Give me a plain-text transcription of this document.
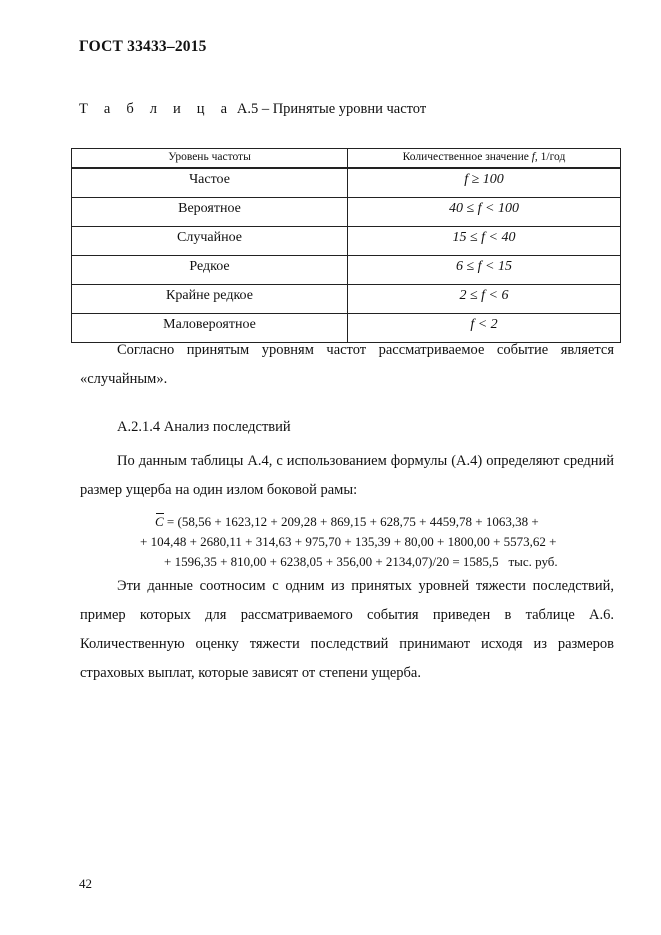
ГОСТ 33433–2015
Т а б л и ц а А.5 – Принятые уровни частот
Уровень частоты	Количественное значение f, 1/год
Частое	f ≥ 100
Вероятное	40 ≤ f < 100
Случайное	15 ≤ f < 40
Редкое	6 ≤ f < 15
Крайне редкое	2 ≤ f < 6
Маловероятное	f < 2

Согласно принятым уровням частот рассматриваемое событие является «случайным».

А.2.1.4 Анализ последствий

По данным таблицы А.4, с использованием формулы (А.4) определяют средний размер ущерба на один излом боковой рамы:

C = (58,56 + 1623,12 + 209,28 + 869,15 + 628,75 + 4459,78 + 1063,38 +
+ 104,48 + 2680,11 + 314,63 + 975,70 + 135,39 + 80,00 + 1800,00 + 5573,62 +
+ 1596,35 + 810,00 + 6238,05 + 356,00 + 2134,07)/20 = 1585,5 тыс. руб.

Эти данные соотносим с одним из принятых уровней тяжести последствий, пример которых для рассматриваемого события приведен в таблице А.6. Количественную оценку тяжести последствий принимают исходя из размеров страховых выплат, которые зависят от степени ущерба.

42
